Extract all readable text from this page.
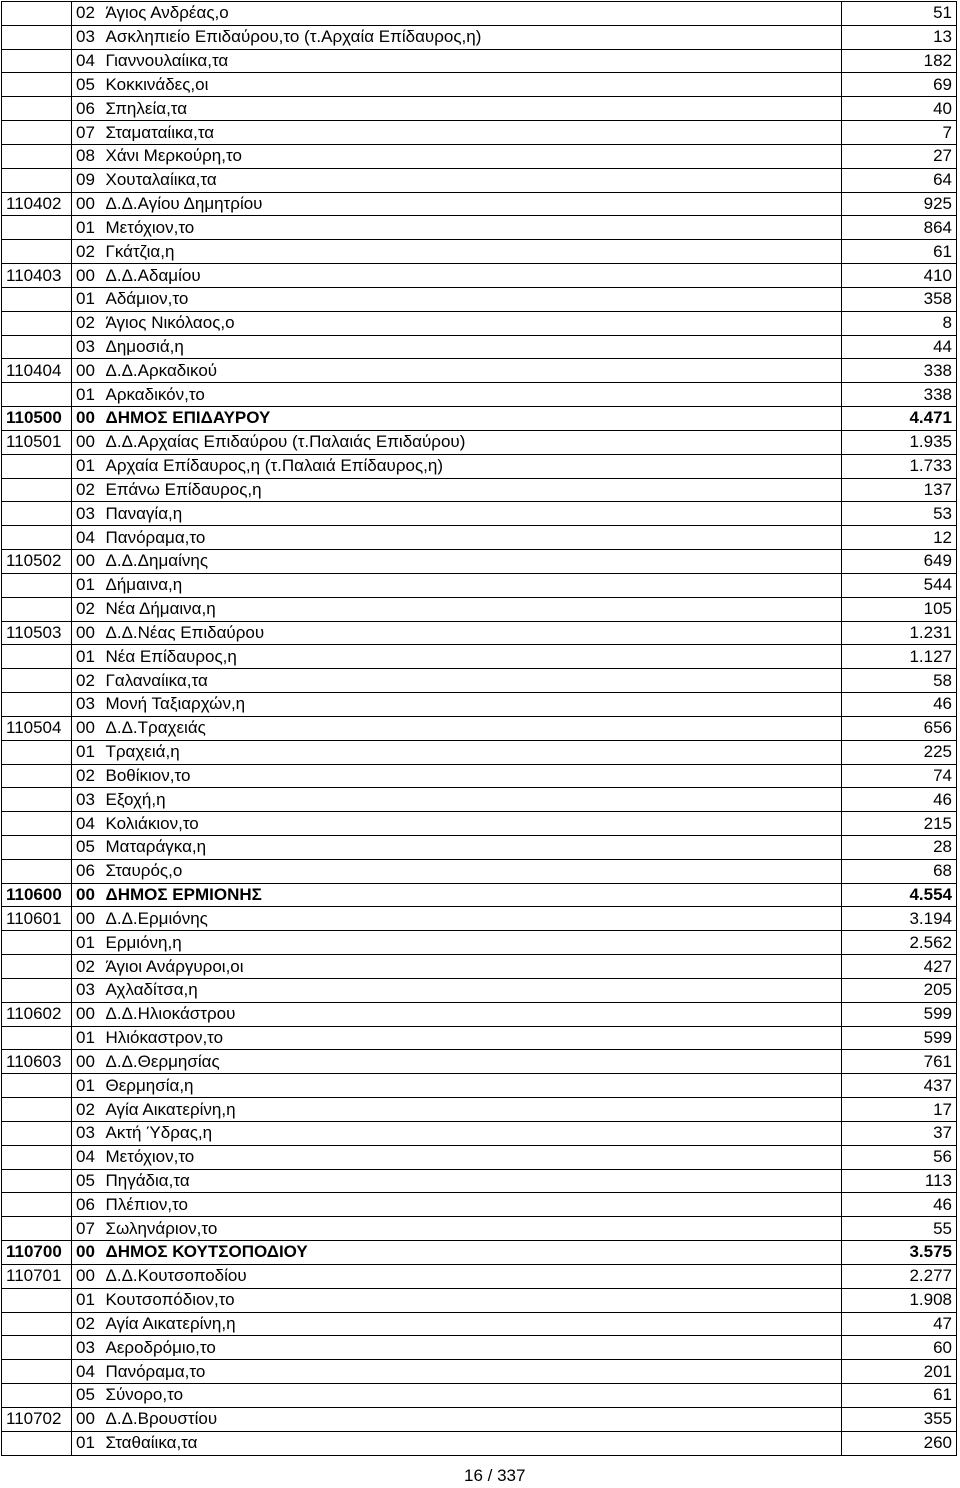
	02	Άγιος Ανδρέας,ο	51
	03	Ασκληπιείο Επιδαύρου,το (τ.Αρχαία Επίδαυρος,η)	13
	04	Γιαννουλαίικα,τα	182
	05	Κοκκινάδες,οι	69
	06	Σπηλεία,τα	40
	07	Σταματαίικα,τα	7
	08	Χάνι Μερκούρη,το	27
	09	Χουταλαίικα,τα	64
110402	00	Δ.Δ.Αγίου Δημητρίου	925
	01	Μετόχιον,το	864
	02	Γκάτζια,η	61
110403	00	Δ.Δ.Αδαμίου	410
	01	Αδάμιον,το	358
	02	Άγιος Νικόλαος,ο	8
	03	Δημοσιά,η	44
110404	00	Δ.Δ.Αρκαδικού	338
	01	Αρκαδικόν,το	338
110500	00	ΔΗΜΟΣ ΕΠΙΔΑΥΡΟΥ	4.471
110501	00	Δ.Δ.Αρχαίας Επιδαύρου (τ.Παλαιάς Επιδαύρου)	1.935
	01	Αρχαία Επίδαυρος,η (τ.Παλαιά Επίδαυρος,η)	1.733
	02	Επάνω Επίδαυρος,η	137
	03	Παναγία,η	53
	04	Πανόραμα,το	12
110502	00	Δ.Δ.Δημαίνης	649
	01	Δήμαινα,η	544
	02	Νέα Δήμαινα,η	105
110503	00	Δ.Δ.Νέας Επιδαύρου	1.231
	01	Νέα Επίδαυρος,η	1.127
	02	Γαλαναίικα,τα	58
	03	Μονή Ταξιαρχών,η	46
110504	00	Δ.Δ.Τραχειάς	656
	01	Τραχειά,η	225
	02	Βοθίκιον,το	74
	03	Εξοχή,η	46
	04	Κολιάκιον,το	215
	05	Ματαράγκα,η	28
	06	Σταυρός,ο	68
110600	00	ΔΗΜΟΣ ΕΡΜΙΟΝΗΣ	4.554
110601	00	Δ.Δ.Ερμιόνης	3.194
	01	Ερμιόνη,η	2.562
	02	Άγιοι Ανάργυροι,οι	427
	03	Αχλαδίτσα,η	205
110602	00	Δ.Δ.Ηλιοκάστρου	599
	01	Ηλιόκαστρον,το	599
110603	00	Δ.Δ.Θερμησίας	761
	01	Θερμησία,η	437
	02	Αγία Αικατερίνη,η	17
	03	Ακτή Ύδρας,η	37
	04	Μετόχιον,το	56
	05	Πηγάδια,τα	113
	06	Πλέπιον,το	46
	07	Σωληνάριον,το	55
110700	00	ΔΗΜΟΣ ΚΟΥΤΣΟΠΟΔΙΟΥ	3.575
110701	00	Δ.Δ.Κουτσοποδίου	2.277
	01	Κουτσοπόδιον,το	1.908
	02	Αγία Αικατερίνη,η	47
	03	Αεροδρόμιο,το	60
	04	Πανόραμα,το	201
	05	Σύνορο,το	61
110702	00	Δ.Δ.Βρουστίου	355
	01	Σταθαίικα,τα	260
16 / 337
